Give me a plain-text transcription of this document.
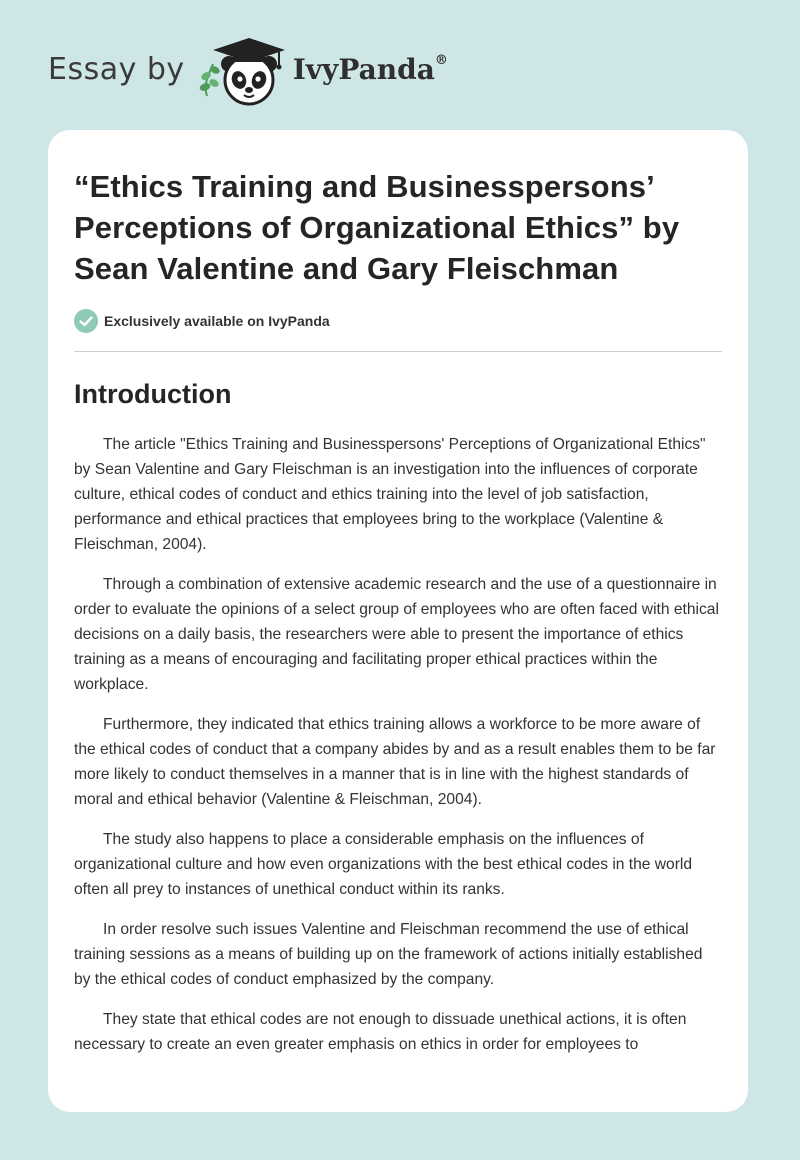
Essay by	IvyPanda®
“Ethics Training and Businesspersons’ Perceptions of Organizational Ethics” by Sean Valentine and Gary Fleischman
Exclusively available on IvyPanda
Introduction

The article "Ethics Training and Businesspersons' Perceptions of Organizational Ethics" by Sean Valentine and Gary Fleischman is an investigation into the influences of corporate culture, ethical codes of conduct and ethics training into the level of job satisfaction, performance and ethical practices that employees bring to the workplace (Valentine & Fleischman, 2004).

Through a combination of extensive academic research and the use of a questionnaire in order to evaluate the opinions of a select group of employees who are often faced with ethical decisions on a daily basis, the researchers were able to present the importance of ethics training as a means of encouraging and facilitating proper ethical practices within the workplace.

Furthermore, they indicated that ethics training allows a workforce to be more aware of the ethical codes of conduct that a company abides by and as a result enables them to be far more likely to conduct themselves in a manner that is in line with the highest standards of moral and ethical behavior (Valentine & Fleischman, 2004).

The study also happens to place a considerable emphasis on the influences of organizational culture and how even organizations with the best ethical codes in the world often all prey to instances of unethical conduct within its ranks.

In order resolve such issues Valentine and Fleischman recommend the use of ethical training sessions as a means of building up on the framework of actions initially established by the ethical codes of conduct emphasized by the company.

They state that ethical codes are not enough to dissuade unethical actions, it is often necessary to create an even greater emphasis on ethics in order for employees to
